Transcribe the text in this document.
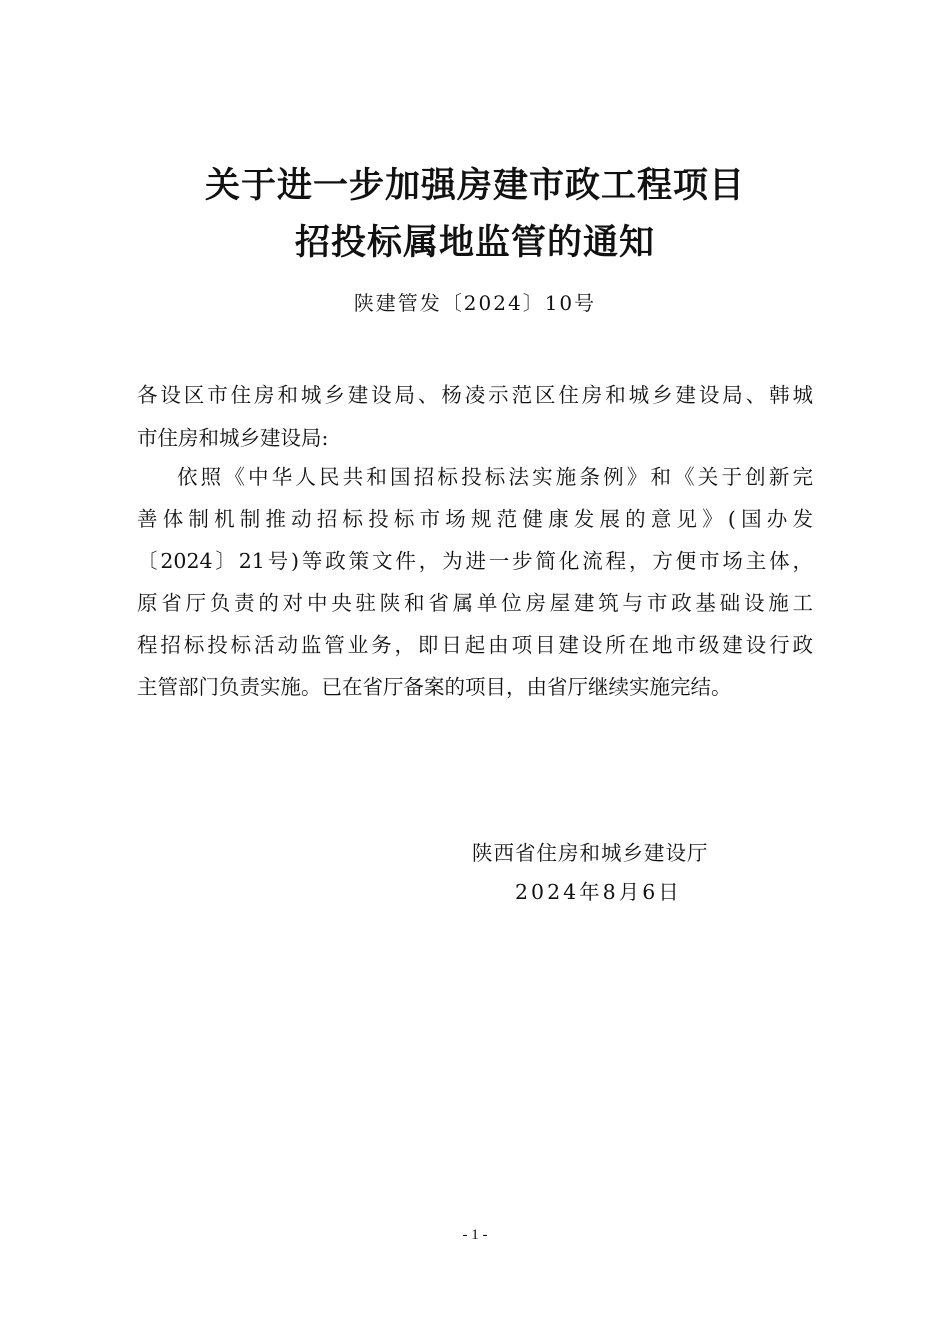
关于进一步加强房建市政工程项目
招投标属地监管的通知
陕建管发〔2024〕10号
各设区市住房和城乡建设局、杨凌示范区住房和城乡建设局、韩城
市住房和城乡建设局:
依照《中华人民共和国招标投标法实施条例》和《关于创新完
善体制机制推动招标投标市场规范健康发展的意见》(国办发
〔2024〕21号)等政策文件，为进一步简化流程，方便市场主体，
原省厅负责的对中央驻陕和省属单位房屋建筑与市政基础设施工
程招标投标活动监管业务，即日起由项目建设所在地市级建设行政
主管部门负责实施。已在省厅备案的项目，由省厅继续实施完结。
陕西省住房和城乡建设厅
2024年8月6日
- 1 -
